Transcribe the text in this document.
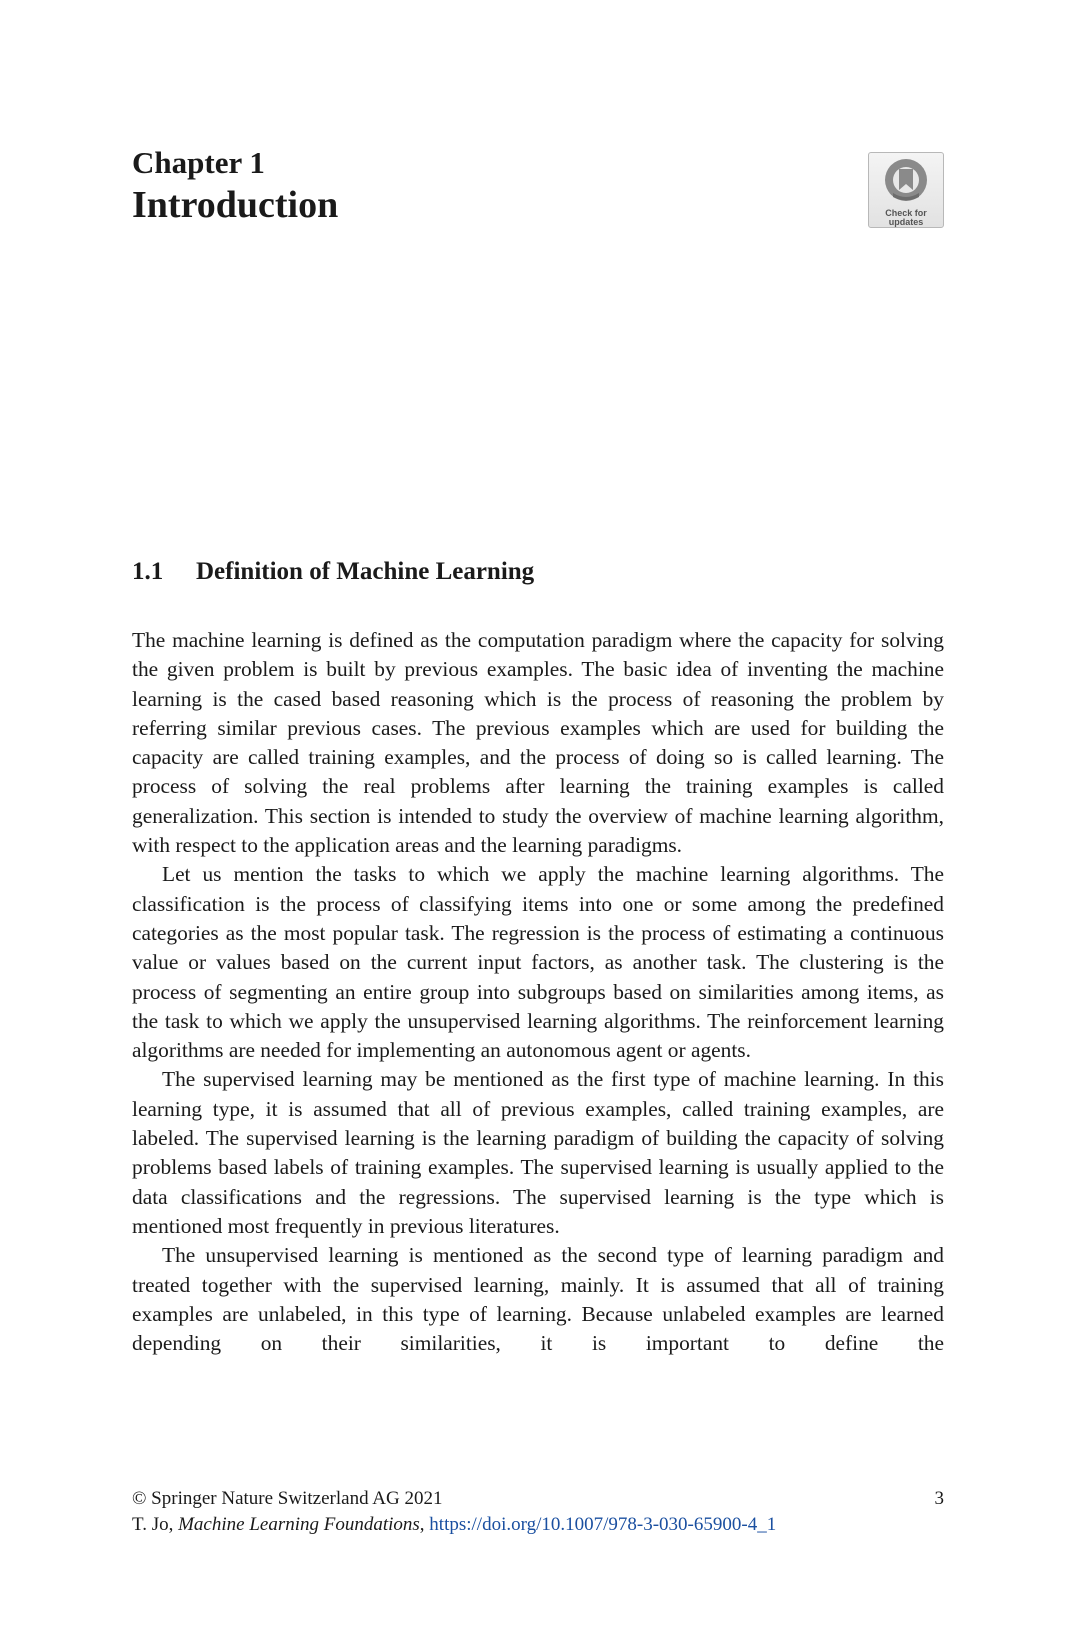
Chapter 1
Introduction	Check for
updates
1.1 Definition of Machine Learning

The machine learning is defined as the computation paradigm where the capacity for solving the given problem is built by previous examples. The basic idea of inventing the machine learning is the cased based reasoning which is the process of reasoning the problem by referring similar previous cases. The previous examples which are used for building the capacity are called training examples, and the process of doing so is called learning. The process of solving the real problems after learning the training examples is called generalization. This section is intended to study the overview of machine learning algorithm, with respect to the application areas and the learning paradigms.

Let us mention the tasks to which we apply the machine learning algorithms. The classification is the process of classifying items into one or some among the predefined categories as the most popular task. The regression is the process of estimating a continuous value or values based on the current input factors, as another task. The clustering is the process of segmenting an entire group into subgroups based on similarities among items, as the task to which we apply the unsupervised learning algorithms. The reinforcement learning algorithms are needed for implementing an autonomous agent or agents.

The supervised learning may be mentioned as the first type of machine learning. In this learning type, it is assumed that all of previous examples, called training examples, are labeled. The supervised learning is the learning paradigm of building the capacity of solving problems based labels of training examples. The supervised learning is usually applied to the data classifications and the regressions. The supervised learning is the type which is mentioned most frequently in previous literatures.

The unsupervised learning is mentioned as the second type of learning paradigm and treated together with the supervised learning, mainly. It is assumed that all of training examples are unlabeled, in this type of learning. Because unlabeled examples are learned depending on their similarities, it is important to define the

© Springer Nature Switzerland AG 2021	3
T. Jo, Machine Learning Foundations, https://doi.org/10.1007/978-3-030-65900-4_1
